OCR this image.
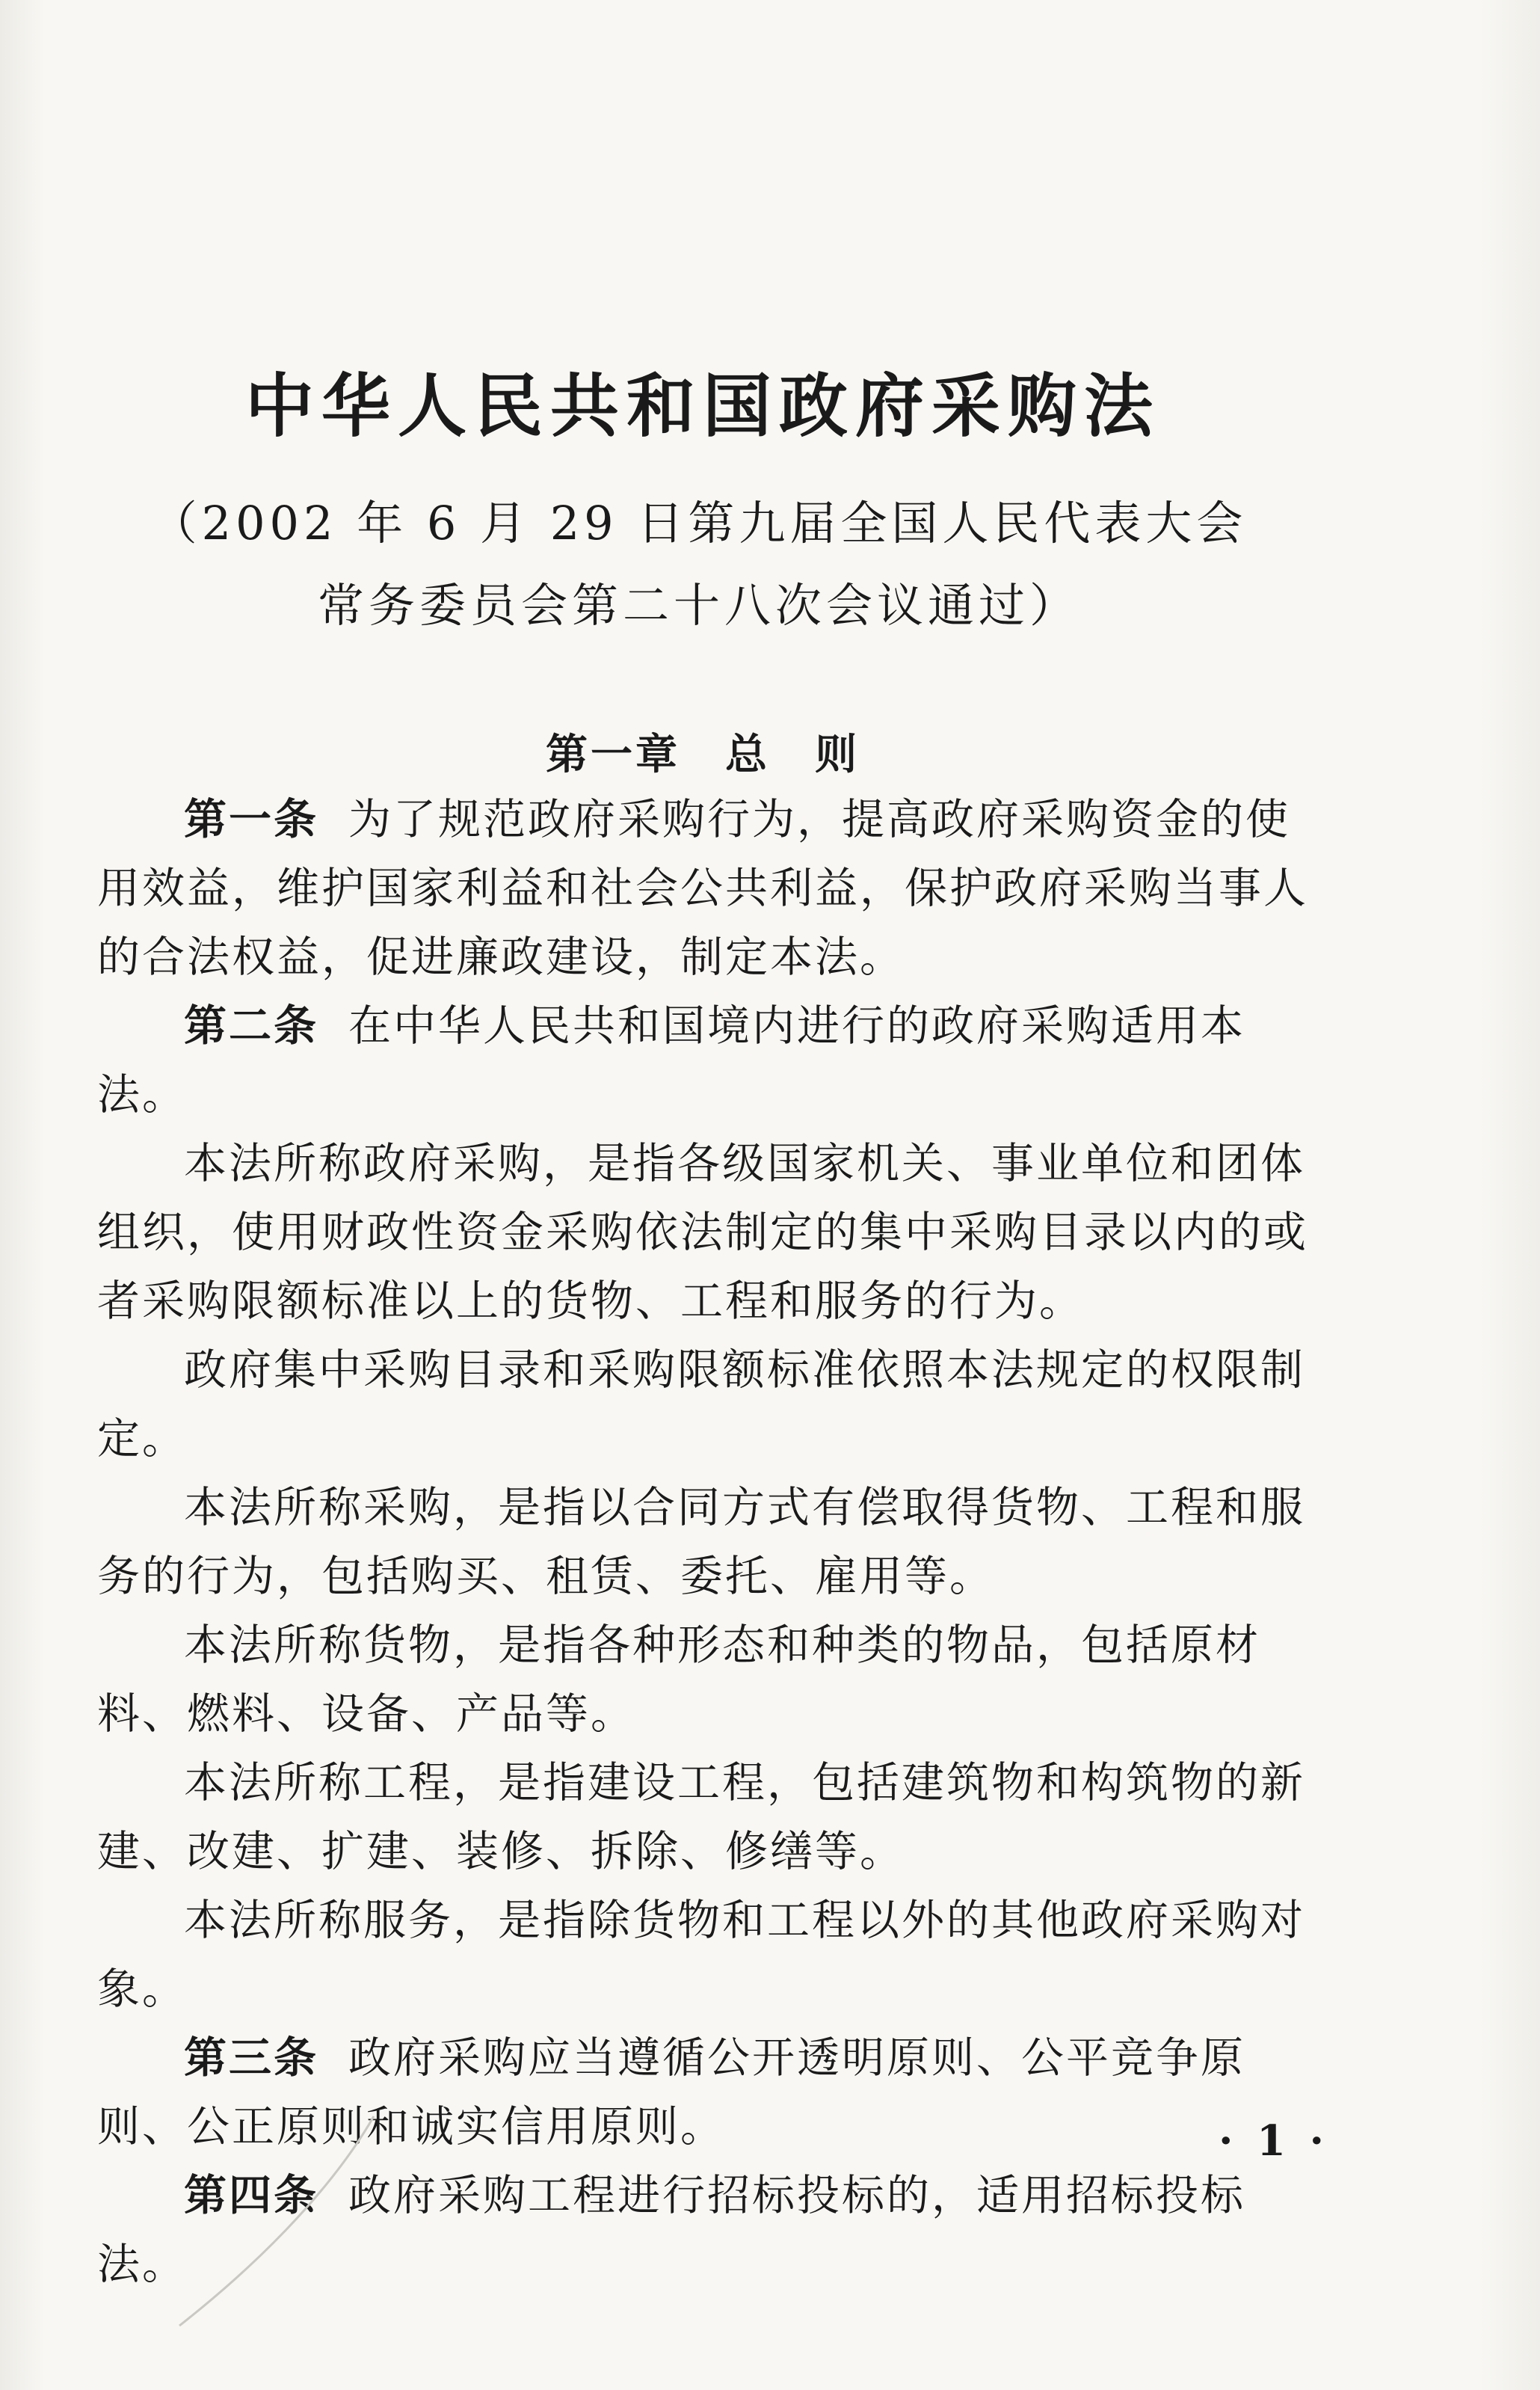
中华人民共和国政府采购法

（2002 年 6 月 29 日第九届全国人民代表大会

常务委员会第二十八次会议通过）

第一章　总　则

第一条 为了规范政府采购行为，提高政府采购资金的使用效益，维护国家利益和社会公共利益，保护政府采购当事人的合法权益，促进廉政建设，制定本法。

第二条 在中华人民共和国境内进行的政府采购适用本法。

本法所称政府采购，是指各级国家机关、事业单位和团体组织，使用财政性资金采购依法制定的集中采购目录以内的或者采购限额标准以上的货物、工程和服务的行为。

政府集中采购目录和采购限额标准依照本法规定的权限制定。

本法所称采购，是指以合同方式有偿取得货物、工程和服务的行为，包括购买、租赁、委托、雇用等。

本法所称货物，是指各种形态和种类的物品，包括原材料、燃料、设备、产品等。

本法所称工程，是指建设工程，包括建筑物和构筑物的新建、改建、扩建、装修、拆除、修缮等。

本法所称服务，是指除货物和工程以外的其他政府采购对象。

第三条 政府采购应当遵循公开透明原则、公平竞争原则、公正原则和诚实信用原则。

第四条 政府采购工程进行招标投标的，适用招标投标法。

· 1 ·
